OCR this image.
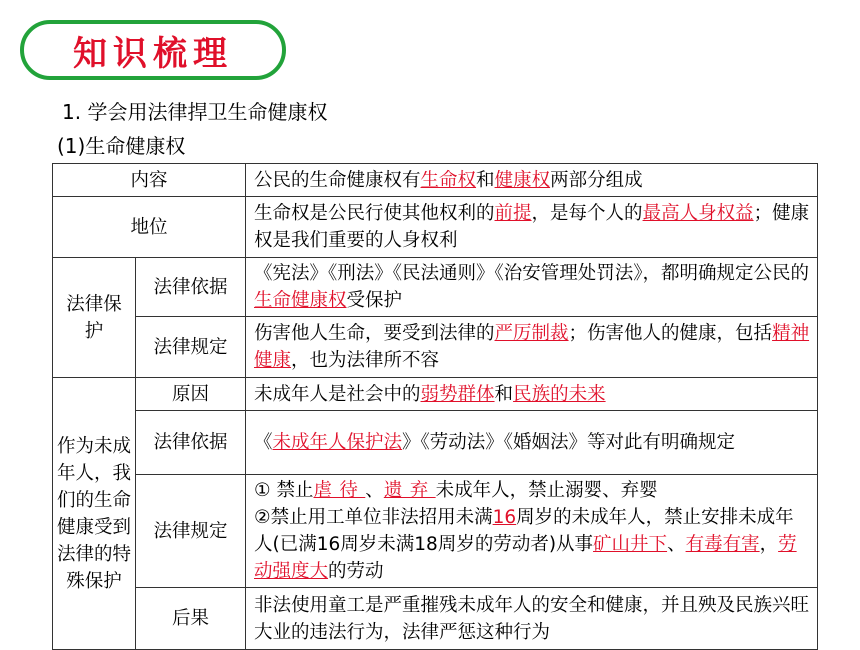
知识梳理
1. 学会用法律捍卫生命健康权
(1)生命健康权
内容		公民的生命健康权有生命权和健康权两部分组成
地位		生命权是公民行使其他权利的前提，是每个人的最高人身权益；健康权是我们重要的人身权利
法律保护	法律依据	《宪法》《刑法》《民法通则》《治安管理处罚法》，都明确规定公民的生命健康权受保护
	法律规定	伤害他人生命，要受到法律的严厉制裁；伤害他人的健康，包括精神健康，也为法律所不容
作为未成年人，我们的生命健康受到法律的特殊保护	原因	未成年人是社会中的弱势群体和民族的未来
	法律依据	《未成年人保护法》《劳动法》《婚姻法》等对此有明确规定
	法律规定	① 禁止虐待、遗弃未成年人，禁止溺婴、弃婴
②禁止用工单位非法招用未满16周岁的未成年人，禁止安排未成年人(已满16周岁未满18周岁的劳动者)从事矿山井下、有毒有害，劳动强度大的劳动

	后果	非法使用童工是严重摧残未成年人的安全和健康，并且殃及民族兴旺大业的违法行为，法律严惩这种行为
